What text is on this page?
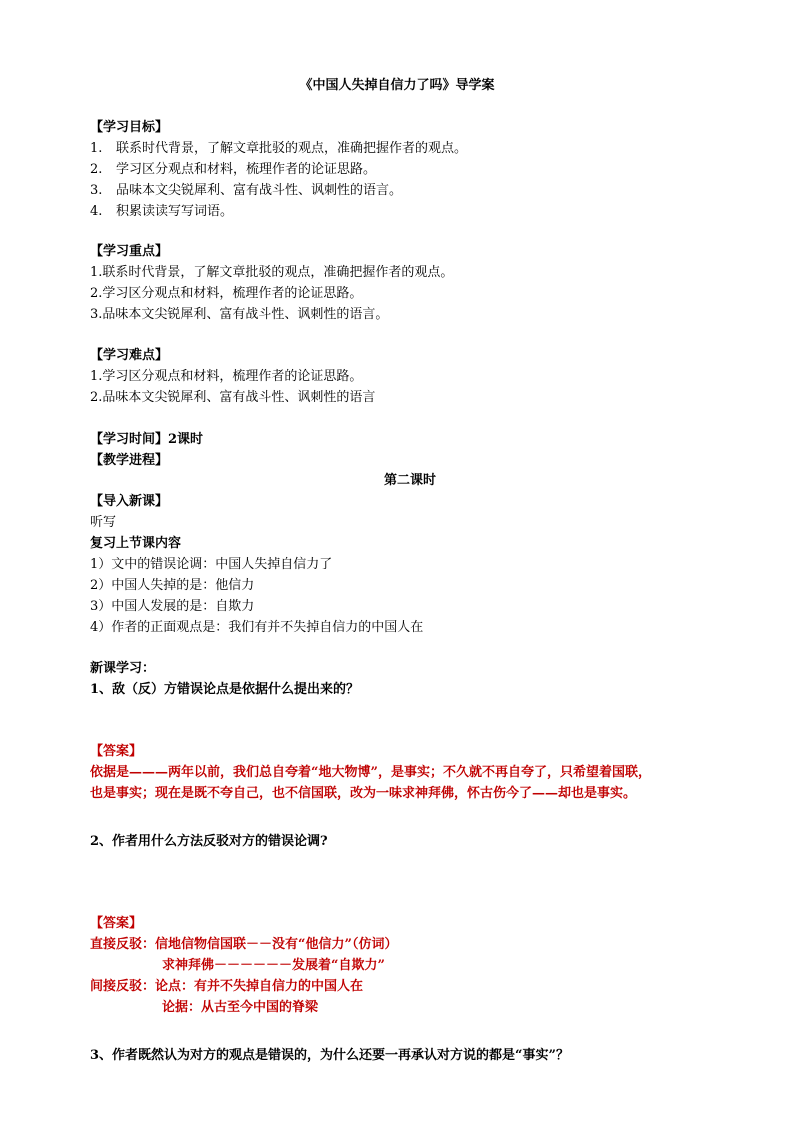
《中国人失掉自信力了吗》导学案
【学习目标】
1. 联系时代背景，了解文章批驳的观点，准确把握作者的观点。
2. 学习区分观点和材料，梳理作者的论证思路。
3. 品味本文尖锐犀利、富有战斗性、讽刺性的语言。
4. 积累读读写写词语。
【学习重点】
1.联系时代背景，了解文章批驳的观点，准确把握作者的观点。
2.学习区分观点和材料，梳理作者的论证思路。
3.品味本文尖锐犀利、富有战斗性、讽刺性的语言。
【学习难点】
1.学习区分观点和材料，梳理作者的论证思路。
2.品味本文尖锐犀利、富有战斗性、讽刺性的语言
【学习时间】2课时
【教学进程】
第二课时
【导入新课】
听写
复习上节课内容
1）文中的错误论调：中国人失掉自信力了
2）中国人失掉的是：他信力
3）中国人发展的是：自欺力
4）作者的正面观点是：我们有并不失掉自信力的中国人在
新课学习：
1、敌（反）方错误论点是依据什么提出来的？
【答案】
依据是———两年以前，我们总自夸着“地大物博”，是事实；不久就不再自夸了，只希望着国联，
也是事实；现在是既不夸自己，也不信国联，改为一味求神拜佛，怀古伤今了——却也是事实。
2、作者用什么方法反驳对方的错误论调?
【答案】
直接反驳：信地信物信国联－－没有“他信力”（仿词）
求神拜佛－－－－－－发展着“自欺力”
间接反驳：论点：有并不失掉自信力的中国人在
论据：从古至今中国的脊梁
3、作者既然认为对方的观点是错误的，为什么还要一再承认对方说的都是“事实”？
